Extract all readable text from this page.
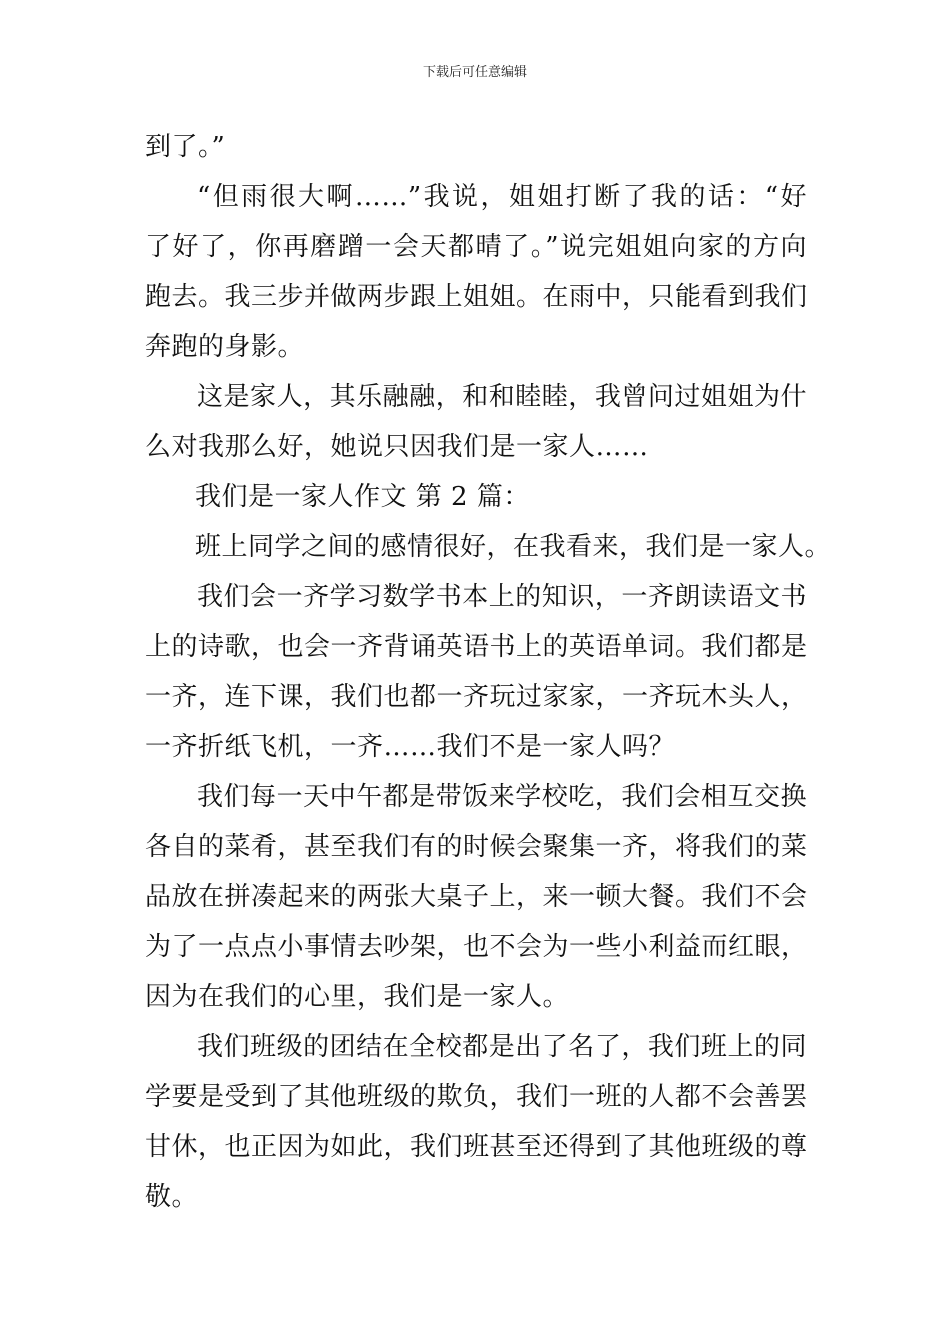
下载后可任意编辑
到了。”
“但雨很大啊……”我说，姐姐打断了我的话：“好
了好了，你再磨蹭一会天都晴了。”说完姐姐向家的方向
跑去。我三步并做两步跟上姐姐。在雨中，只能看到我们
奔跑的身影。
这是家人，其乐融融，和和睦睦，我曾问过姐姐为什
么对我那么好，她说只因我们是一家人……
我们是一家人作文 第 2 篇：
班上同学之间的感情很好，在我看来，我们是一家人。
我们会一齐学习数学书本上的知识，一齐朗读语文书
上的诗歌，也会一齐背诵英语书上的英语单词。我们都是
一齐，连下课，我们也都一齐玩过家家，一齐玩木头人，
一齐折纸飞机，一齐……我们不是一家人吗？
我们每一天中午都是带饭来学校吃，我们会相互交换
各自的菜肴，甚至我们有的时候会聚集一齐，将我们的菜
品放在拼凑起来的两张大桌子上，来一顿大餐。我们不会
为了一点点小事情去吵架，也不会为一些小利益而红眼，
因为在我们的心里，我们是一家人。
我们班级的团结在全校都是出了名了，我们班上的同
学要是受到了其他班级的欺负，我们一班的人都不会善罢
甘休，也正因为如此，我们班甚至还得到了其他班级的尊
敬。
